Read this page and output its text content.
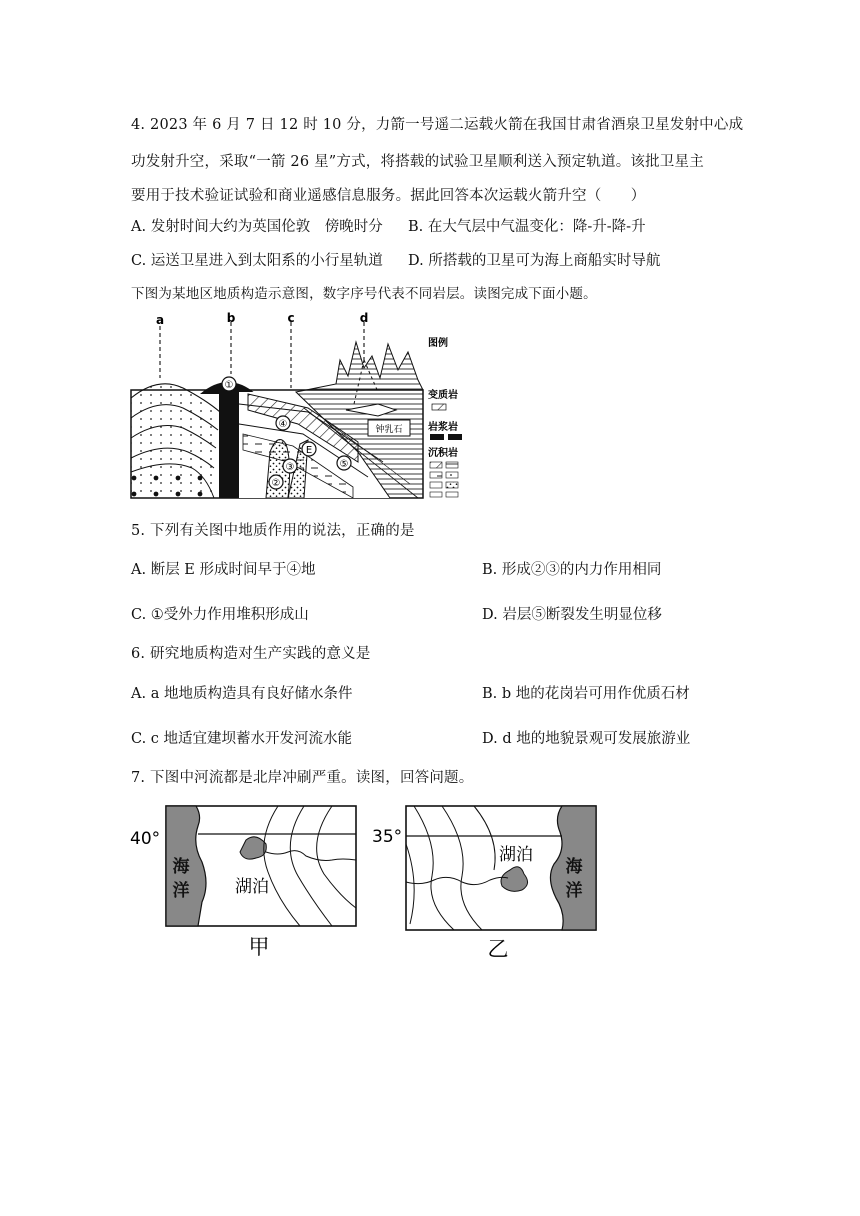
4. 2023 年 6 月 7 日 12 时 10 分，力箭一号遥二运载火箭在我国甘肃省酒泉卫星发射中心成
功发射升空，采取“一箭 26 星”方式，将搭载的试验卫星顺利送入预定轨道。该批卫星主
要用于技术验证试验和商业遥感信息服务。据此回答本次运载火箭升空（　　）
A. 发射时间大约为英国伦敦　傍晚时分 B. 在大气层中气温变化：降-升-降-升
C. 运送卫星进入到太阳系的小行星轨道 D. 所搭载的卫星可为海上商船实时导航
下图为某地区地质构造示意图，数字序号代表不同岩层。读图完成下面小题。
①
②
③
④
E
钟乳石
⑤
a	b	c	d
图例
变质岩
岩浆岩
沉积岩
5. 下列有关图中地质作用的说法，正确的是
A. 断层 E 形成时间早于④地	B. 形成②③的内力作用相同
C. ①受外力作用堆积形成山	D. 岩层⑤断裂发生明显位移
6. 研究地质构造对生产实践的意义是
A. a 地地质构造具有良好储水条件	B. b 地的花岗岩可用作优质石材
C. c 地适宜建坝蓄水开发河流水能	D. d 地的地貌景观可发展旅游业
7. 下图中河流都是北岸冲刷严重。读图，回答问题。
40°
海
洋	湖泊
甲
35°
湖泊
海
洋
乙
